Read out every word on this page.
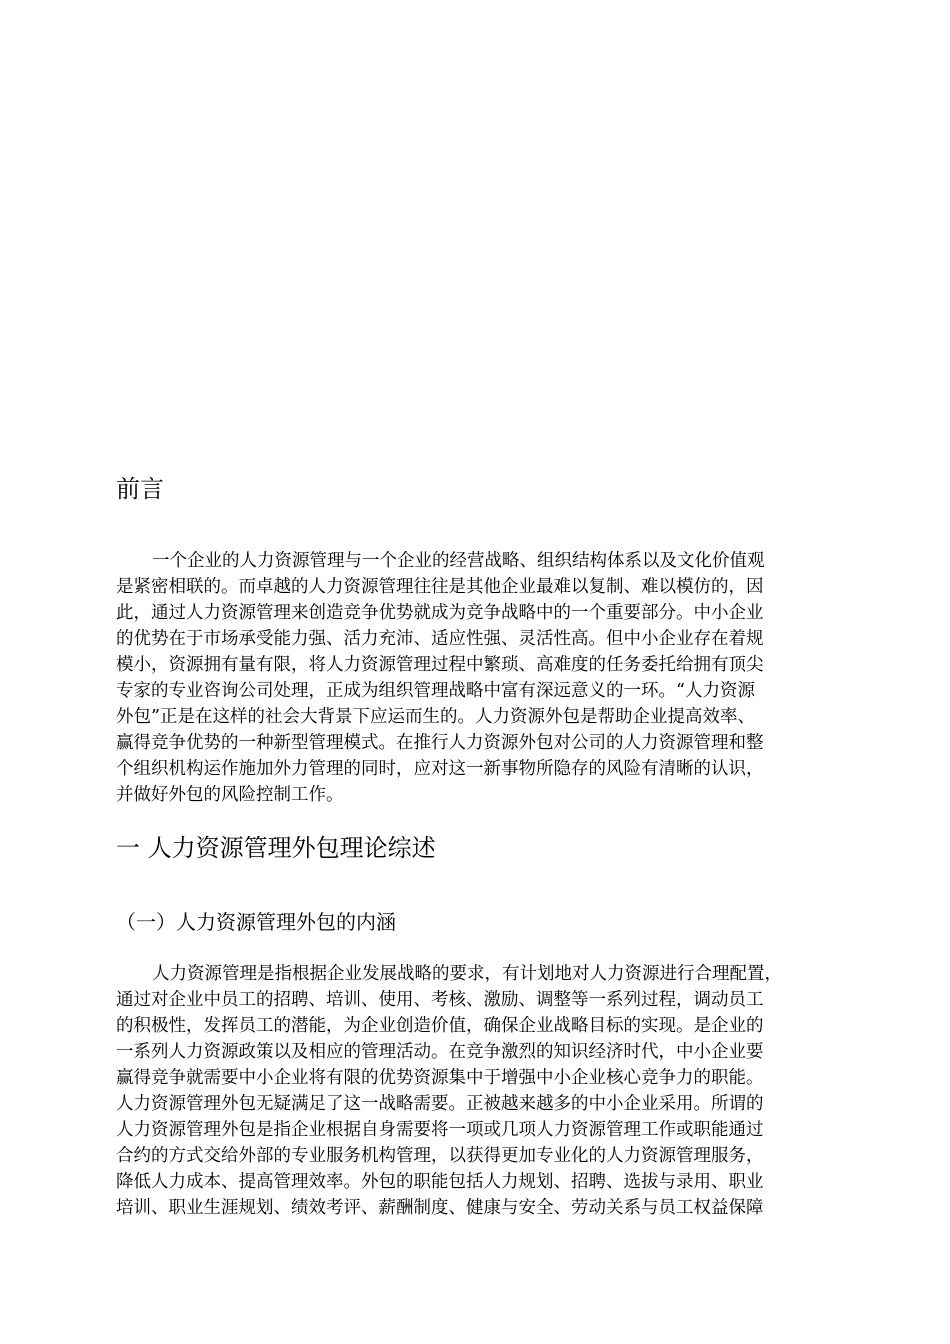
前言
一个企业的人力资源管理与一个企业的经营战略、组织结构体系以及文化价值观
是紧密相联的。而卓越的人力资源管理往往是其他企业最难以复制、难以模仿的，因
此，通过人力资源管理来创造竞争优势就成为竞争战略中的一个重要部分。中小企业
的优势在于市场承受能力强、活力充沛、适应性强、灵活性高。但中小企业存在着规
模小，资源拥有量有限，将人力资源管理过程中繁琐、高难度的任务委托给拥有顶尖
专家的专业咨询公司处理，正成为组织管理战略中富有深远意义的一环。“人力资源
外包”正是在这样的社会大背景下应运而生的。人力资源外包是帮助企业提高效率、
赢得竞争优势的一种新型管理模式。在推行人力资源外包对公司的人力资源管理和整
个组织机构运作施加外力管理的同时，应对这一新事物所隐存的风险有清晰的认识，
并做好外包的风险控制工作。
一 人力资源管理外包理论综述
（一）人力资源管理外包的内涵
人力资源管理是指根据企业发展战略的要求，有计划地对人力资源进行合理配置，
通过对企业中员工的招聘、培训、使用、考核、激励、调整等一系列过程，调动员工
的积极性，发挥员工的潜能，为企业创造价值，确保企业战略目标的实现。是企业的
一系列人力资源政策以及相应的管理活动。在竞争激烈的知识经济时代，中小企业要
赢得竞争就需要中小企业将有限的优势资源集中于增强中小企业核心竞争力的职能。
人力资源管理外包无疑满足了这一战略需要。正被越来越多的中小企业采用。所谓的
人力资源管理外包是指企业根据自身需要将一项或几项人力资源管理工作或职能通过
合约的方式交给外部的专业服务机构管理，以获得更加专业化的人力资源管理服务，
降低人力成本、提高管理效率。外包的职能包括人力规划、招聘、选拔与录用、职业
培训、职业生涯规划、绩效考评、薪酬制度、健康与安全、劳动关系与员工权益保障
